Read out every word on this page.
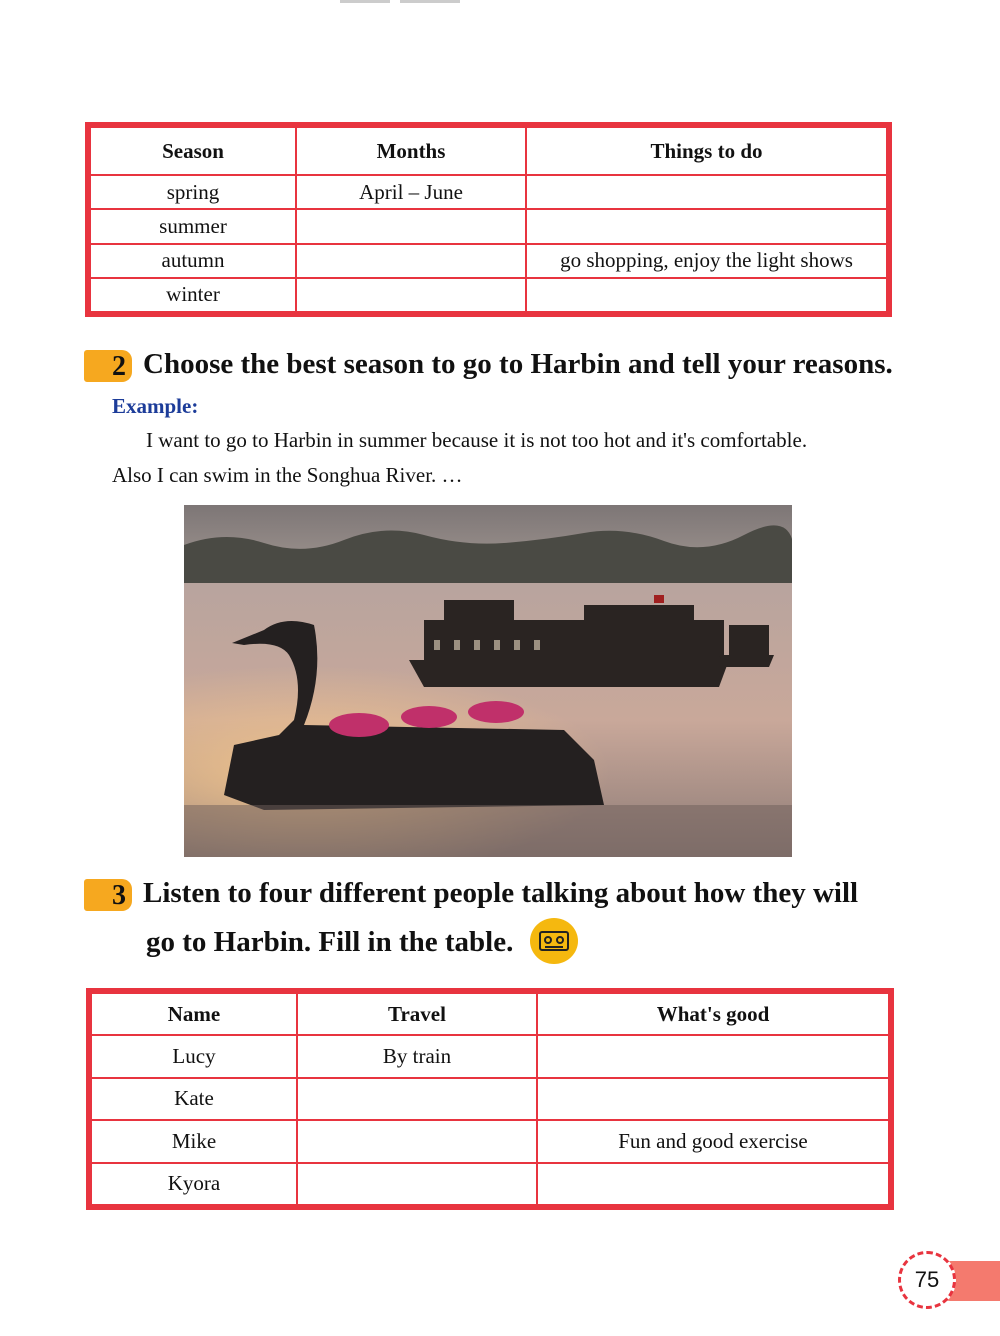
Season	Months	Things to do
spring	April – June	
summer		
autumn		go shopping, enjoy the light shows
winter		
2 Choose the best season to go to Harbin and tell your reasons.
Example:
I want to go to Harbin in summer because it is not too hot and it's comfortable.
Also I can swim in the Songhua River. …
3 Listen to four different people talking about how they will
go to Harbin. Fill in the table.
Name	Travel	What's good
Lucy	By train	
Kate		
Mike		Fun and good exercise
Kyora		
75
